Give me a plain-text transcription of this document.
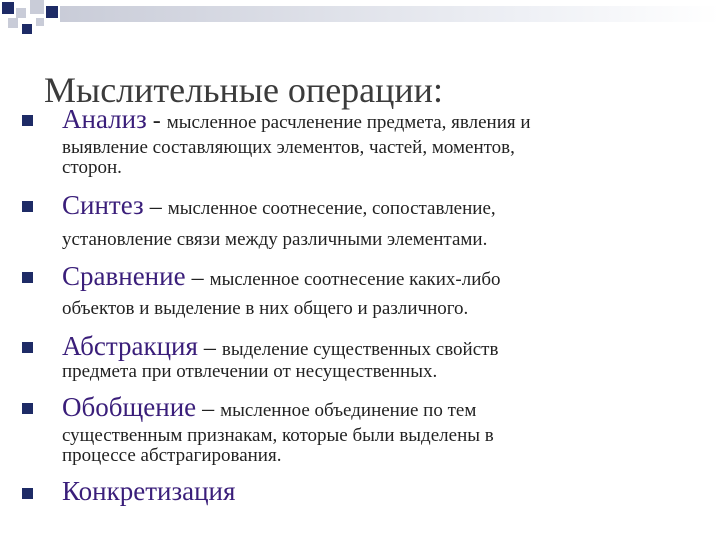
Мыслительные операции:
Анализ - мысленное расчленение предмета, явления и
выявление составляющих элементов, частей, моментов,
сторон.
Синтез – мысленное соотнесение, сопоставление,
установление связи между различными элементами.
Сравнение – мысленное соотнесение каких-либо
объектов и выделение в них общего и различного.
Абстракция – выделение существенных свойств
предмета при отвлечении от несущественных.
Обобщение – мысленное объединение по тем
существенным признакам, которые были выделены в
процессе абстрагирования.
Конкретизация
